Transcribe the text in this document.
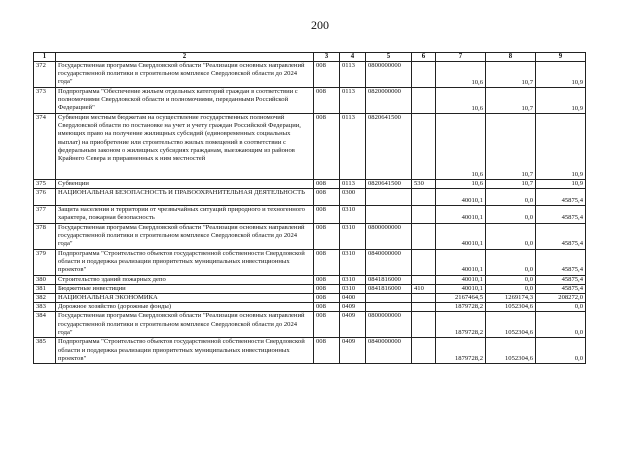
200
1	2	3	4	5	6	7	8	9
372	Государственная программа Свердловской области "Реализация основных направлений государственной политики в строительном комплексе Свердловской области до 2024 года"	008	0113	0800000000		10,6	10,7	10,9
373	Подпрограмма "Обеспечение жильем отдельных категорий граждан в соответствии с полномочиями Свердловской области и полномочиями, переданными Российской Федерацией"	008	0113	0820000000		10,6	10,7	10,9
374	Субвенции местным бюджетам на осуществление государственных полномочий Свердловской области по постановке на учет и учету граждан Российской Федерации, имеющих право на получение жилищных субсидий (единовременных социальных выплат) на приобретение или строительство жилых помещений в соответствии с федеральным законом о жилищных субсидиях гражданам, выезжающим из районов Крайнего Севера и приравненных к ним местностей	008	0113	0820641500		10,6	10,7	10,9
375	Субвенции	008	0113	0820641500	530	10,6	10,7	10,9
376	НАЦИОНАЛЬНАЯ БЕЗОПАСНОСТЬ И ПРАВООХРАНИТЕЛЬНАЯ ДЕЯТЕЛЬНОСТЬ	008	0300			40010,1	0,0	45875,4
377	Защита населения и территории от чрезвычайных ситуаций природного и техногенного характера, пожарная безопасность	008	0310			40010,1	0,0	45875,4
378	Государственная программа Свердловской области "Реализация основных направлений государственной политики в строительном комплексе Свердловской области до 2024 года"	008	0310	0800000000		40010,1	0,0	45875,4
379	Подпрограмма "Строительство объектов государственной собственности Свердловской области и поддержка реализации приоритетных муниципальных инвестиционных проектов"	008	0310	0840000000		40010,1	0,0	45875,4
380	Строительство зданий пожарных депо	008	0310	0841816000		40010,1	0,0	45875,4
381	Бюджетные инвестиции	008	0310	0841816000	410	40010,1	0,0	45875,4
382	НАЦИОНАЛЬНАЯ ЭКОНОМИКА	008	0400			2167464,5	1269174,3	208272,0
383	Дорожное хозяйство (дорожные фонды)	008	0409			1879728,2	1052304,6	0,0
384	Государственная программа Свердловской области "Реализация основных направлений государственной политики в строительном комплексе Свердловской области до 2024 года"	008	0409	0800000000		1879728,2	1052304,6	0,0
385	Подпрограмма "Строительство объектов государственной собственности Свердловской области и поддержка реализации приоритетных муниципальных инвестиционных проектов"	008	0409	0840000000		1879728,2	1052304,6	0,0
